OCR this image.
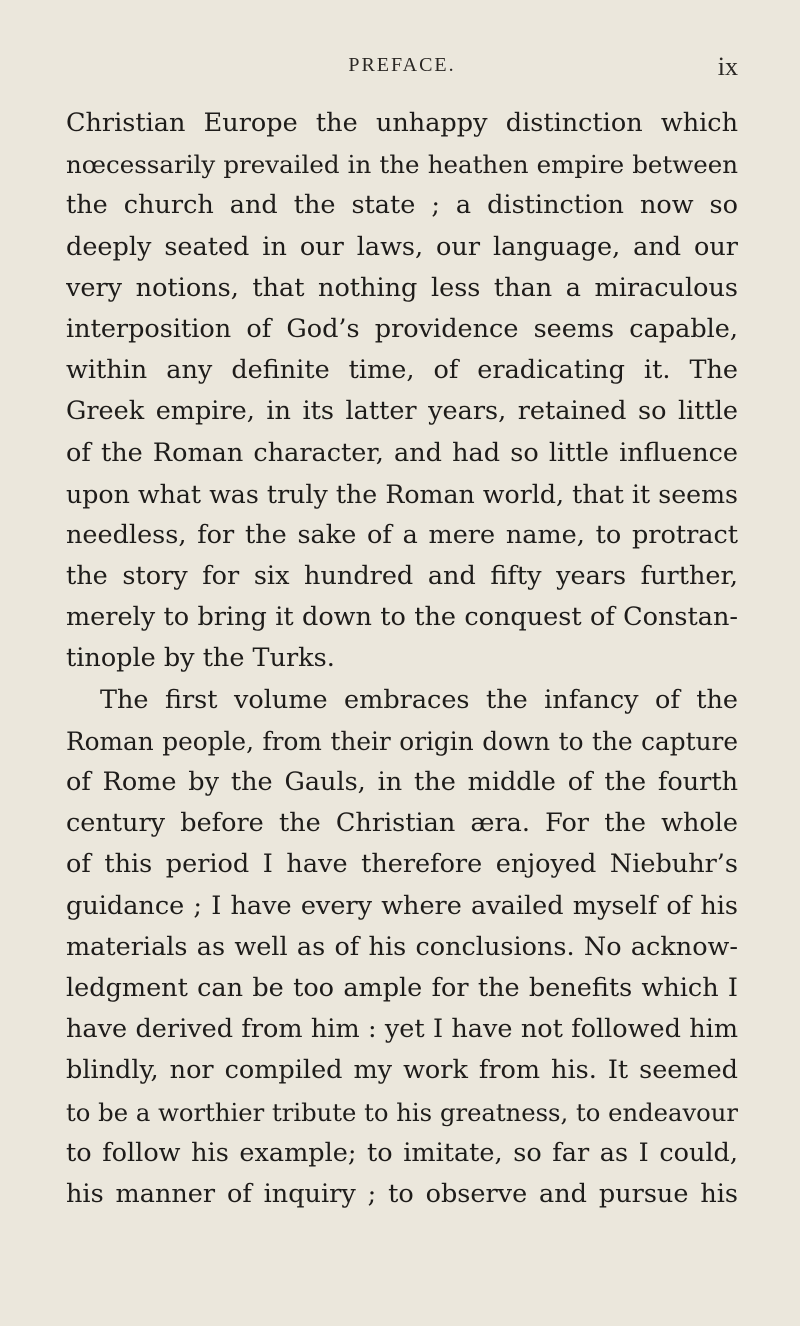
PREFACE.	ix
Christian Europe the unhappy distinction which
nœcessarily prevailed in the heathen empire between
the church and the state ; a distinction now so
deeply seated in our laws, our language, and our
very notions, that nothing less than a miraculous
interposition of God’s providence seems capable,
within any definite time, of eradicating it. The
Greek empire, in its latter years, retained so little
of the Roman character, and had so little influence
upon what was truly the Roman world, that it seems
needless, for the sake of a mere name, to protract
the story for six hundred and fifty years further,
merely to bring it down to the conquest of Constan-
tinople by the Turks.
The first volume embraces the infancy of the
Roman people, from their origin down to the capture
of Rome by the Gauls, in the middle of the fourth
century before the Christian æra. For the whole
of this period I have therefore enjoyed Niebuhr’s
guidance ; I have every where availed myself of his
materials as well as of his conclusions. No acknow-
ledgment can be too ample for the benefits which I
have derived from him : yet I have not followed him
blindly, nor compiled my work from his. It seemed
to be a worthier tribute to his greatness, to endeavour
to follow his example; to imitate, so far as I could,
his manner of inquiry ; to observe and pursue his
